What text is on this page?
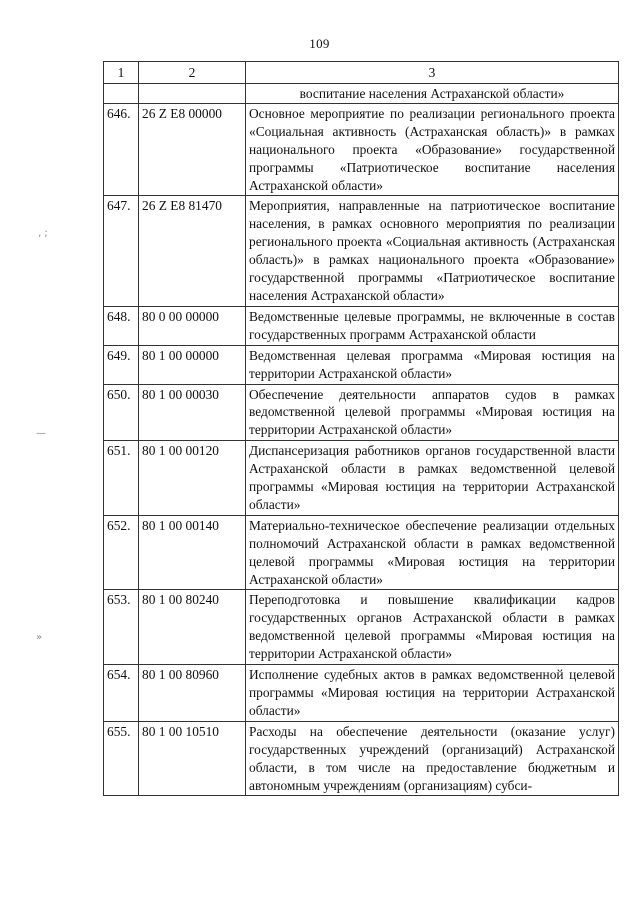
109
1	2	3
		воспитание населения Астраханской области»
646.	26 Z E8 00000	Основное мероприятие по реализации регионального проекта «Социальная активность (Астраханская область)» в рамках национального проекта «Образование» государственной программы «Патриотическое воспитание населения Астраханской области»
647.	26 Z E8 81470	Мероприятия, направленные на патриотическое воспитание населения, в рамках основного мероприятия по реализации регионального проекта «Социальная активность (Астраханская область)» в рамках национального проекта «Образование» государственной программы «Патриотическое воспитание населения Астраханской области»
648.	80 0 00 00000	Ведомственные целевые программы, не включенные в состав государственных программ Астраханской области
649.	80 1 00 00000	Ведомственная целевая программа «Мировая юстиция на территории Астраханской области»
650.	80 1 00 00030	Обеспечение деятельности аппаратов судов в рамках ведомственной целевой программы «Мировая юстиция на территории Астраханской области»
651.	80 1 00 00120	Диспансеризация работников органов государственной власти Астраханской области в рамках ведомственной целевой программы «Мировая юстиция на территории Астраханской области»
652.	80 1 00 00140	Материально-техническое обеспечение реализации отдельных полномочий Астраханской области в рамках ведомственной целевой программы «Мировая юстиция на территории Астраханской области»
653.	80 1 00 80240	Переподготовка и повышение квалификации кадров государственных органов Астраханской области в рамках ведомственной целевой программы «Мировая юстиция на территории Астраханской области»
654.	80 1 00 80960	Исполнение судебных актов в рамках ведомственной целевой программы «Мировая юстиция на территории Астраханской области»
655.	80 1 00 10510	Расходы на обеспечение деятельности (оказание услуг) государственных учреждений (организаций) Астраханской области, в том числе на предоставление бюджетным и автономным учреждениям (организациям) субси-
‚ ;
—
»
